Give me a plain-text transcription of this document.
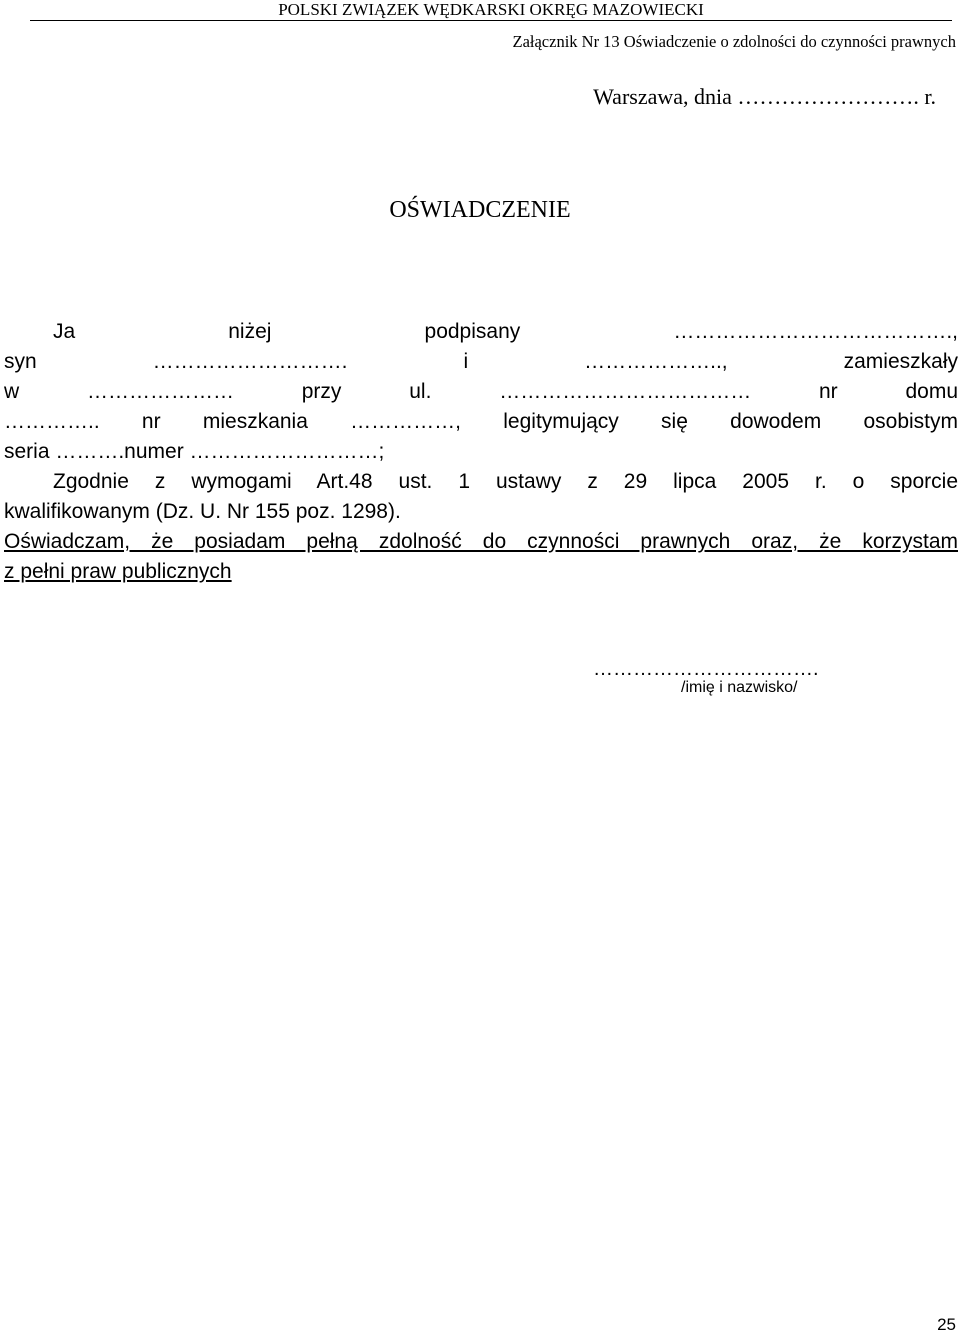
POLSKI ZWIĄZEK WĘDKARSKI OKRĘG MAZOWIECKI
Załącznik Nr 13 Oświadczenie o zdolności do czynności prawnych
Warszawa, dnia ……………………. r.
OŚWIADCZENIE
Ja   niżej   podpisany   ………………………………….,
syn ………………………. i ……………….., zamieszkały
w ………………… przy ul. ……………………………… nr domu
………….. nr mieszkania ……………, legitymujący się dowodem osobistym
seria ……….numer ………………………;
Zgodnie z wymogami Art.48 ust. 1 ustawy z 29 lipca 2005 r. o sporcie
kwalifikowanym (Dz. U. Nr 155 poz. 1298).
Oświadczam, że posiadam pełną zdolność do czynności prawnych oraz, że korzystam
z pełni praw publicznych
…………………………….
/imię i nazwisko/
25
